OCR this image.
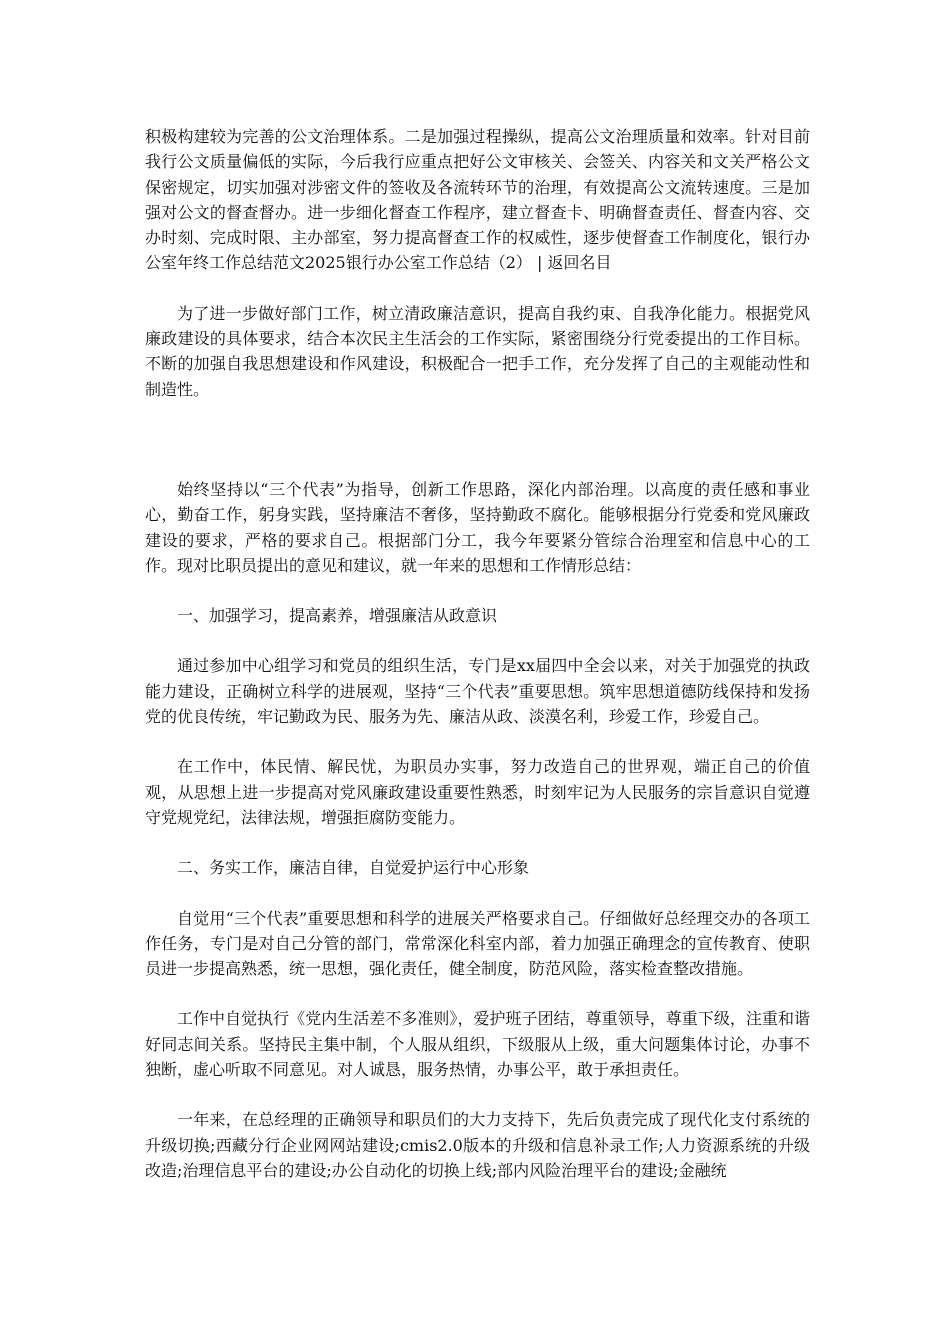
积极构建较为完善的公文治理体系。二是加强过程操纵，提高公文治理质量和效率。针对目前我行公文质量偏低的实际，今后我行应重点把好公文审核关、会签关、内容关和文关严格公文保密规定，切实加强对涉密文件的签收及各流转环节的治理，有效提高公文流转速度。三是加强对公文的督查督办。进一步细化督查工作程序，建立督查卡、明确督查责任、督查内容、交办时刻、完成时限、主办部室，努力提高督查工作的权威性，逐步使督查工作制度化，银行办公室年终工作总结范文2025银行办公室工作总结（2） | 返回名目

为了进一步做好部门工作，树立清政廉洁意识，提高自我约束、自我净化能力。根据党风廉政建设的具体要求，结合本次民主生活会的工作实际，紧密围绕分行党委提出的工作目标。不断的加强自我思想建设和作风建设，积极配合一把手工作，充分发挥了自己的主观能动性和制造性。

始终坚持以“三个代表”为指导，创新工作思路，深化内部治理。以高度的责任感和事业心，勤奋工作，躬身实践，坚持廉洁不奢侈，坚持勤政不腐化。能够根据分行党委和党风廉政建设的要求，严格的要求自己。根据部门分工，我今年要紧分管综合治理室和信息中心的工作。现对比职员提出的意见和建议，就一年来的思想和工作情形总结：

一、加强学习，提高素养，增强廉洁从政意识

通过参加中心组学习和党员的组织生活，专门是xx届四中全会以来，对关于加强党的执政能力建设，正确树立科学的进展观，坚持“三个代表”重要思想。筑牢思想道德防线保持和发扬党的优良传统，牢记勤政为民、服务为先、廉洁从政、淡漠名利，珍爱工作，珍爱自己。

在工作中，体民情、解民忧，为职员办实事，努力改造自己的世界观，端正自己的价值观，从思想上进一步提高对党风廉政建设重要性熟悉，时刻牢记为人民服务的宗旨意识自觉遵守党规党纪，法律法规，增强拒腐防变能力。

二、务实工作，廉洁自律，自觉爱护运行中心形象

自觉用“三个代表”重要思想和科学的进展关严格要求自己。仔细做好总经理交办的各项工作任务，专门是对自己分管的部门，常常深化科室内部，着力加强正确理念的宣传教育、使职员进一步提高熟悉，统一思想，强化责任，健全制度，防范风险，落实检查整改措施。

工作中自觉执行《党内生活差不多准则》，爱护班子团结，尊重领导，尊重下级，注重和谐好同志间关系。坚持民主集中制，个人服从组织，下级服从上级，重大问题集体讨论，办事不独断，虚心听取不同意见。对人诚恳，服务热情，办事公平，敢于承担责任。

一年来，在总经理的正确领导和职员们的大力支持下，先后负责完成了现代化支付系统的升级切换;西藏分行企业网网站建设;cmis2.0版本的升级和信息补录工作;人力资源系统的升级改造;治理信息平台的建设;办公自动化的切换上线;部内风险治理平台的建设;金融统
